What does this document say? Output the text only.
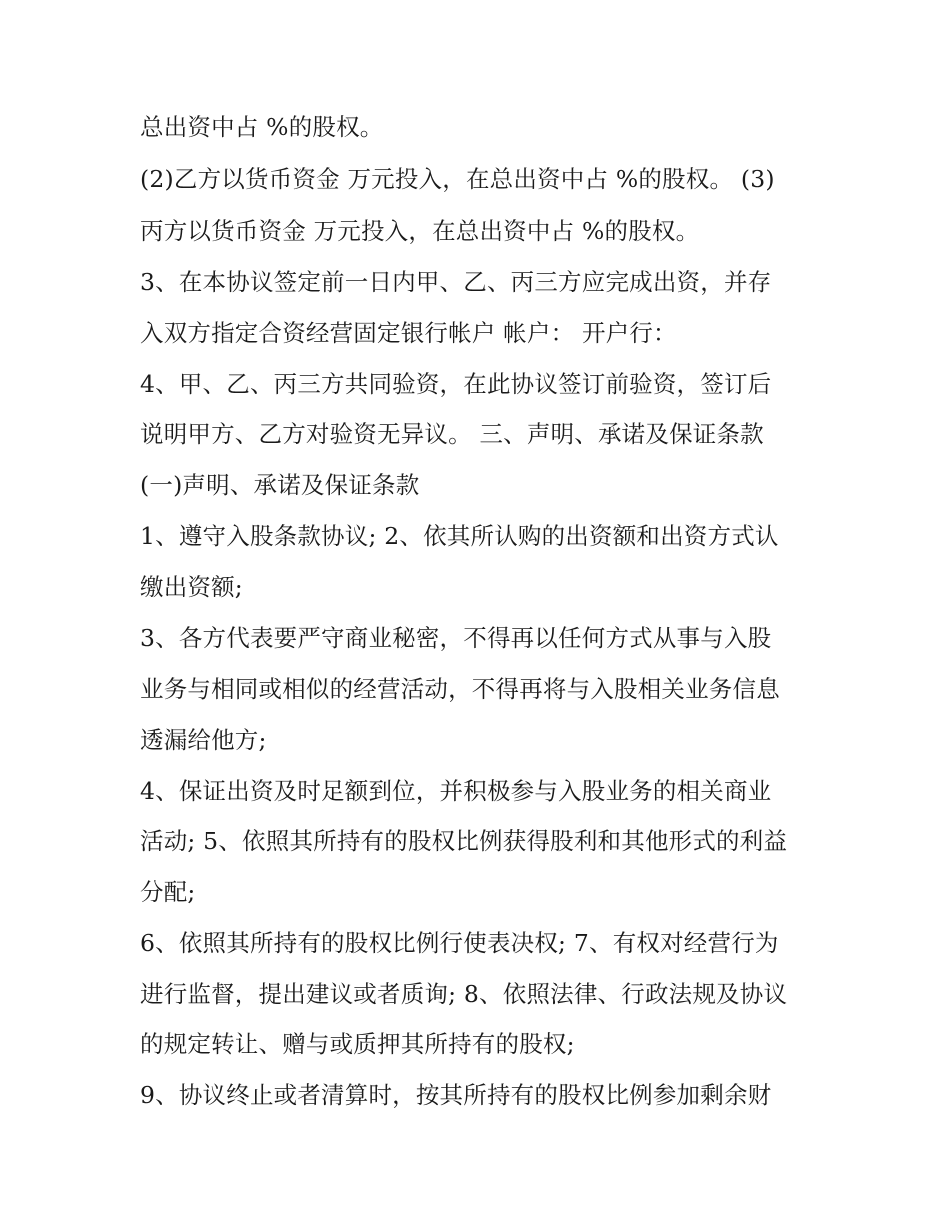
总出资中占 %的股权。
(2)乙方以货币资金 万元投入，在总出资中占 %的股权。 (3)
丙方以货币资金 万元投入，在总出资中占 %的股权。
3、在本协议签定前一日内甲、乙、丙三方应完成出资，并存
入双方指定合资经营固定银行帐户 帐户： 开户行：
4、甲、乙、丙三方共同验资，在此协议签订前验资，签订后
说明甲方、乙方对验资无异议。 三、声明、承诺及保证条款
(一)声明、承诺及保证条款
1、遵守入股条款协议; 2、依其所认购的出资额和出资方式认
缴出资额;
3、各方代表要严守商业秘密，不得再以任何方式从事与入股
业务与相同或相似的经营活动，不得再将与入股相关业务信息
透漏给他方;
4、保证出资及时足额到位，并积极参与入股业务的相关商业
活动; 5、依照其所持有的股权比例获得股利和其他形式的利益
分配;
6、依照其所持有的股权比例行使表决权; 7、有权对经营行为
进行监督，提出建议或者质询; 8、依照法律、行政法规及协议
的规定转让、赠与或质押其所持有的股权;
9、协议终止或者清算时，按其所持有的股权比例参加剩余财
